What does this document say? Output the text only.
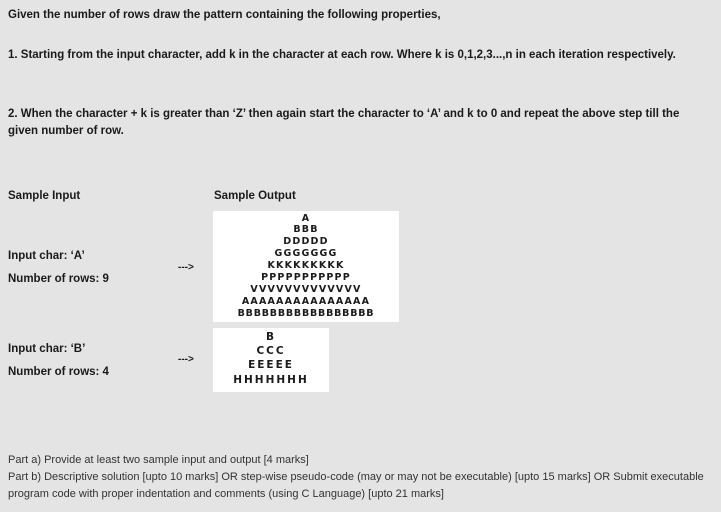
Given the number of rows draw the pattern containing the following properties,
1. Starting from the input character, add k in the character at each row. Where k is 0,1,2,3...,n in each iteration respectively.
2. When the character + k is greater than ‘Z’ then again start the character to ‘A’ and k to 0 and repeat the above step till the given number of row.
Sample Input	Sample Output
Input char: ‘A’
Number of rows: 9
--->
A
BBB
DDDDD
GGGGGGG
KKKKKKKKK
PPPPPPPPPPP
VVVVVVVVVVVVV
AAAAAAAAAAAAAAA
BBBBBBBBBBBBBBBBB
Input char: ‘B’
Number of rows: 4
--->
B
CCC
EEEEE
HHHHHHH
Part a) Provide at least two sample input and output [4 marks]
Part b) Descriptive solution [upto 10 marks] OR step-wise pseudo-code (may or may not be executable) [upto 15 marks] OR Submit executable program code with proper indentation and comments (using C Language) [upto 21 marks]
